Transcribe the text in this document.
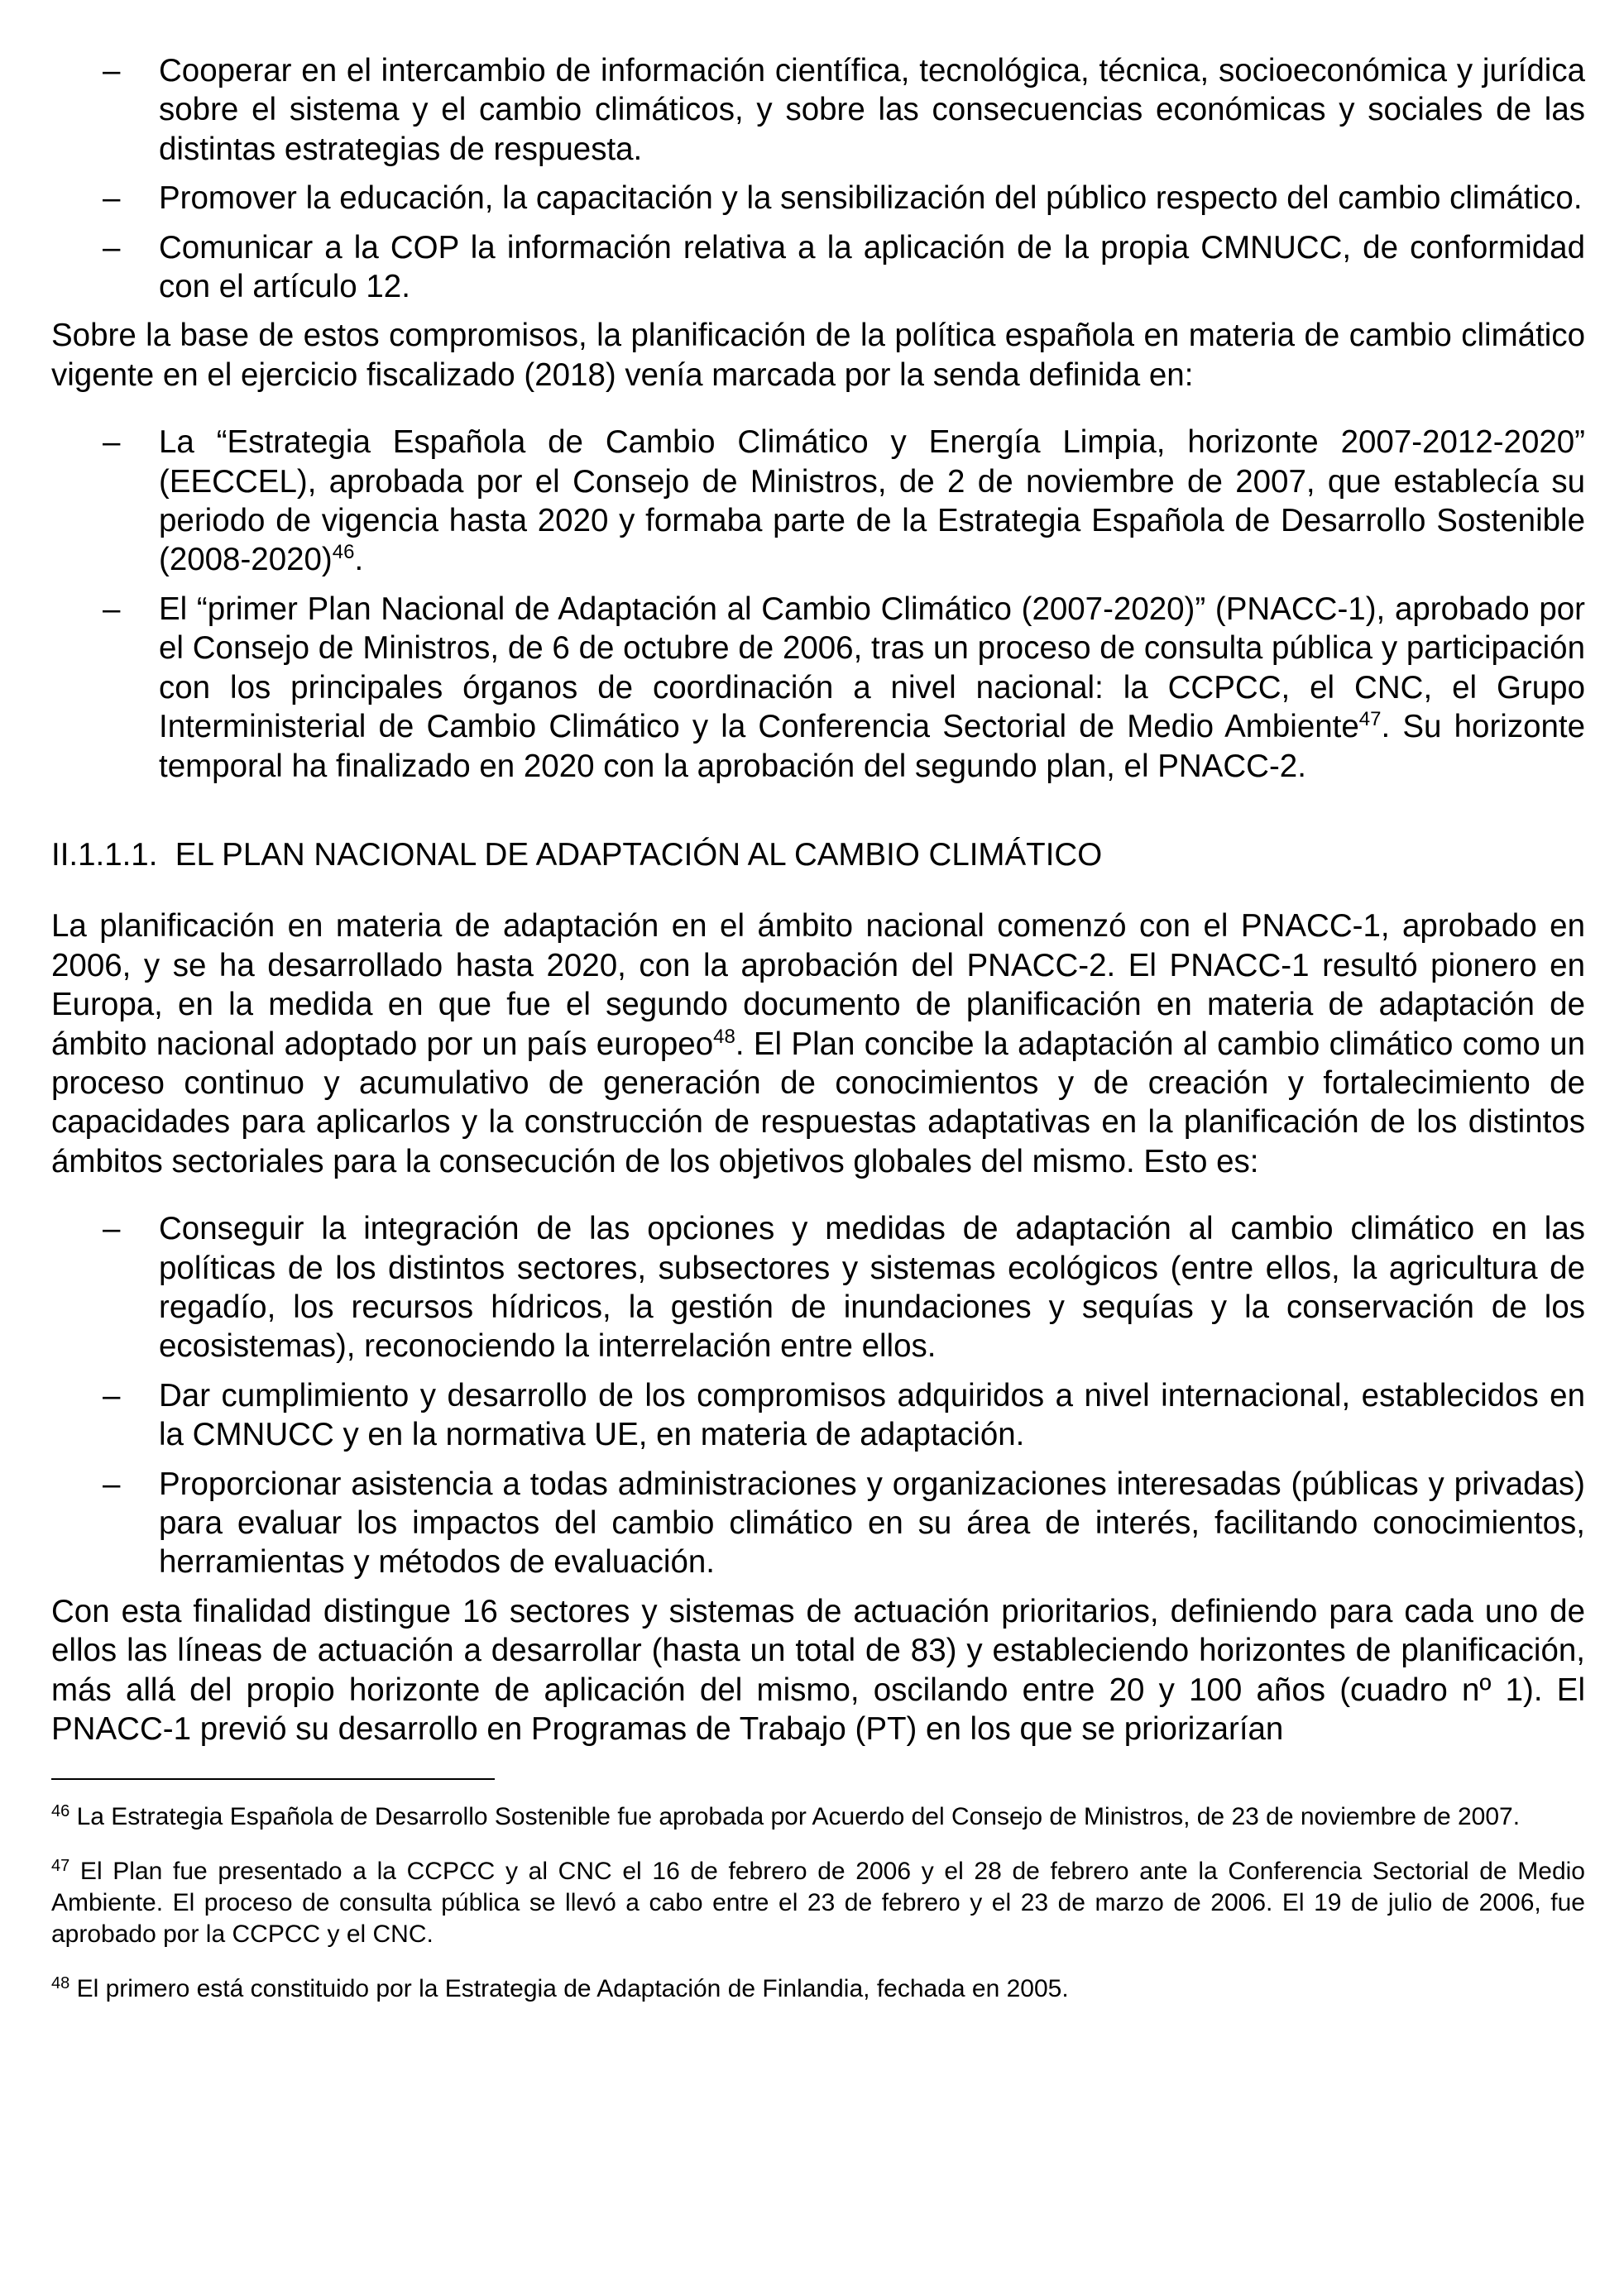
–	Cooperar en el intercambio de información científica, tecnológica, técnica, socioeconómica y jurídica sobre el sistema y el cambio climáticos, y sobre las consecuencias económicas y sociales de las distintas estrategias de respuesta.
–	Promover la educación, la capacitación y la sensibilización del público respecto del cambio climático.
–	Comunicar a la COP la información relativa a la aplicación de la propia CMNUCC, de conformidad con el artículo 12.

Sobre la base de estos compromisos, la planificación de la política española en materia de cambio climático vigente en el ejercicio fiscalizado (2018) venía marcada por la senda definida en:

–	La “Estrategia Española de Cambio Climático y Energía Limpia, horizonte 2007-2012-2020” (EECCEL), aprobada por el Consejo de Ministros, de 2 de noviembre de 2007, que establecía su periodo de vigencia hasta 2020 y formaba parte de la Estrategia Española de Desarrollo Sostenible (2008-2020)$^{46}$.
–	El “primer Plan Nacional de Adaptación al Cambio Climático (2007-2020)” (PNACC-1), aprobado por el Consejo de Ministros, de 6 de octubre de 2006, tras un proceso de consulta pública y participación con los principales órganos de coordinación a nivel nacional: la CCPCC, el CNC, el Grupo Interministerial de Cambio Climático y la Conferencia Sectorial de Medio Ambiente$^{47}$. Su horizonte temporal ha finalizado en 2020 con la aprobación del segundo plan, el PNACC-2.

II.1.1.1.  EL PLAN NACIONAL DE ADAPTACIÓN AL CAMBIO CLIMÁTICO

La planificación en materia de adaptación en el ámbito nacional comenzó con el PNACC-1, aprobado en 2006, y se ha desarrollado hasta 2020, con la aprobación del PNACC-2. El PNACC-1 resultó pionero en Europa, en la medida en que fue el segundo documento de planificación en materia de adaptación de ámbito nacional adoptado por un país europeo$^{48}$. El Plan concibe la adaptación al cambio climático como un proceso continuo y acumulativo de generación de conocimientos y de creación y fortalecimiento de capacidades para aplicarlos y la construcción de respuestas adaptativas en la planificación de los distintos ámbitos sectoriales para la consecución de los objetivos globales del mismo. Esto es:

–	Conseguir la integración de las opciones y medidas de adaptación al cambio climático en las políticas de los distintos sectores, subsectores y sistemas ecológicos (entre ellos, la agricultura de regadío, los recursos hídricos, la gestión de inundaciones y sequías y la conservación de los ecosistemas), reconociendo la interrelación entre ellos.
–	Dar cumplimiento y desarrollo de los compromisos adquiridos a nivel internacional, establecidos en la CMNUCC y en la normativa UE, en materia de adaptación.
–	Proporcionar asistencia a todas administraciones y organizaciones interesadas (públicas y privadas) para evaluar los impactos del cambio climático en su área de interés, facilitando conocimientos, herramientas y métodos de evaluación.

Con esta finalidad distingue 16 sectores y sistemas de actuación prioritarios, definiendo para cada uno de ellos las líneas de actuación a desarrollar (hasta un total de 83) y estableciendo horizontes de planificación, más allá del propio horizonte de aplicación del mismo, oscilando entre 20 y 100 años (cuadro nº 1). El PNACC-1 previó su desarrollo en Programas de Trabajo (PT) en los que se priorizarían

$^{46}$ La Estrategia Española de Desarrollo Sostenible fue aprobada por Acuerdo del Consejo de Ministros, de 23 de noviembre de 2007.

$^{47}$ El Plan fue presentado a la CCPCC y al CNC el 16 de febrero de 2006 y el 28 de febrero ante la Conferencia Sectorial de Medio Ambiente. El proceso de consulta pública se llevó a cabo entre el 23 de febrero y el 23 de marzo de 2006. El 19 de julio de 2006, fue aprobado por la CCPCC y el CNC.

$^{48}$ El primero está constituido por la Estrategia de Adaptación de Finlandia, fechada en 2005.
